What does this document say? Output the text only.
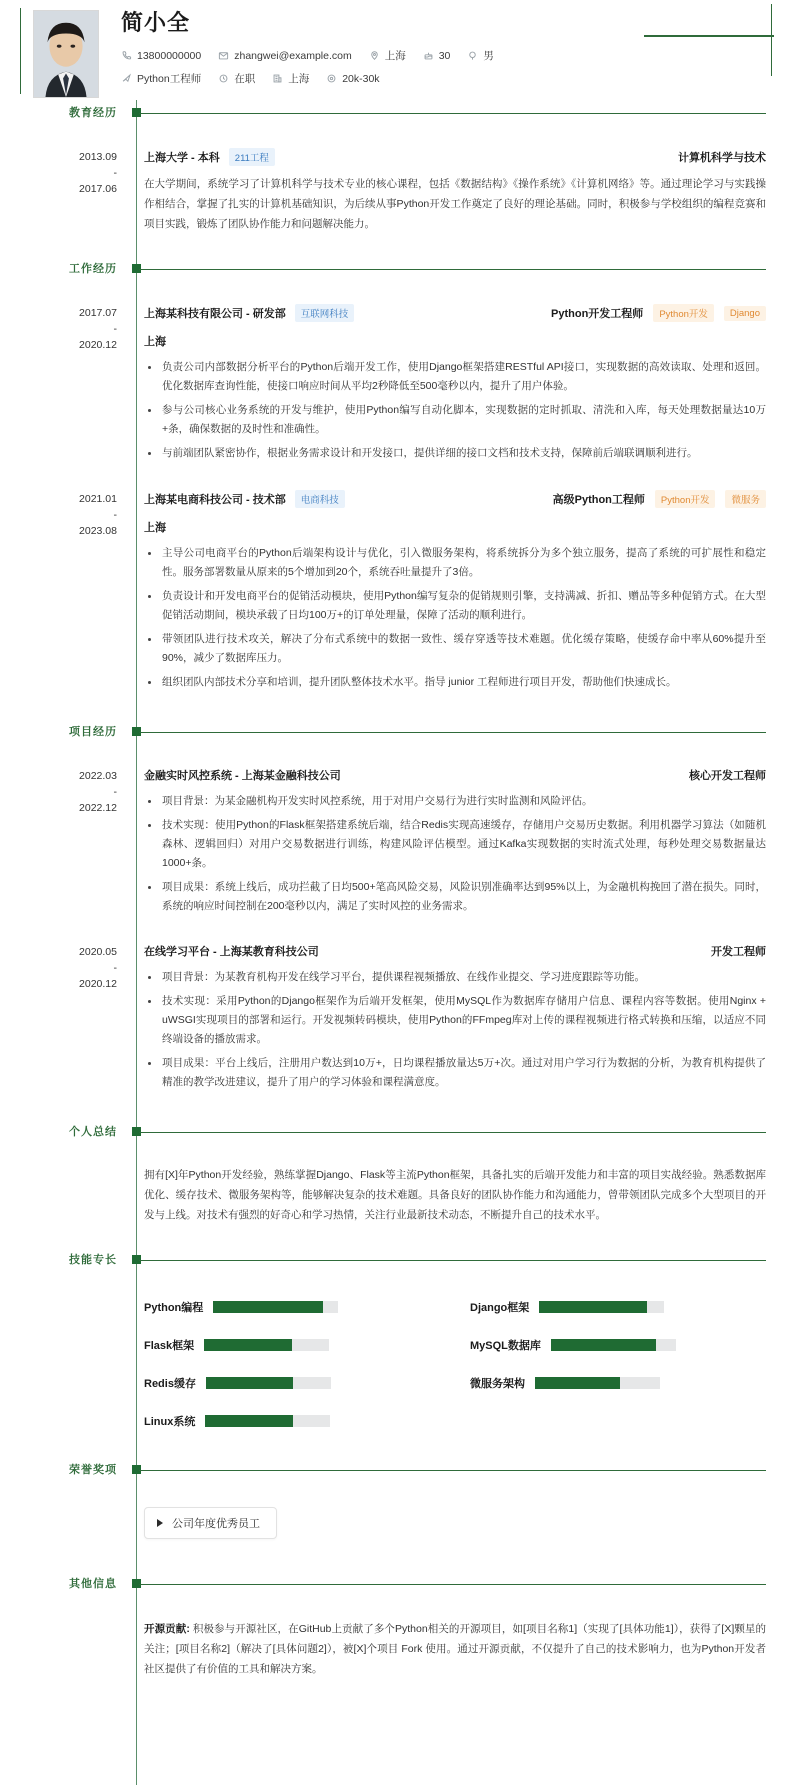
简小全
13800000000	zhangwei@example.com	上海	30	男
Python工程师	在职	上海	20k-30k
教育经历
2013.09
-
2017.06
上海大学 - 本科	211工程	计算机科学与技术

在大学期间，系统学习了计算机科学与技术专业的核心课程，包括《数据结构》《操作系统》《计算机网络》等。通过理论学习与实践操作相结合，掌握了扎实的计算机基础知识，为后续从事Python开发工作奠定了良好的理论基础。同时，积极参与学校组织的编程竞赛和项目实践，锻炼了团队协作能力和问题解决能力。

工作经历
2017.07
-
2020.12
上海某科技有限公司 - 研发部	互联网科技	Python开发工程师	Python开发	Django
上海
负责公司内部数据分析平台的Python后端开发工作，使用Django框架搭建RESTful API接口，实现数据的高效读取、处理和返回。优化数据库查询性能，使接口响应时间从平均2秒降低至500毫秒以内，提升了用户体验。
参与公司核心业务系统的开发与维护，使用Python编写自动化脚本，实现数据的定时抓取、清洗和入库，每天处理数据量达10万+条，确保数据的及时性和准确性。
与前端团队紧密协作，根据业务需求设计和开发接口，提供详细的接口文档和技术支持，保障前后端联调顺利进行。
2021.01
-
2023.08
上海某电商科技公司 - 技术部	电商科技	高级Python工程师	Python开发	微服务
上海
主导公司电商平台的Python后端架构设计与优化，引入微服务架构，将系统拆分为多个独立服务，提高了系统的可扩展性和稳定性。服务部署数量从原来的5个增加到20个，系统吞吐量提升了3倍。
负责设计和开发电商平台的促销活动模块，使用Python编写复杂的促销规则引擎，支持满减、折扣、赠品等多种促销方式。在大型促销活动期间，模块承载了日均100万+的订单处理量，保障了活动的顺利进行。
带领团队进行技术攻关，解决了分布式系统中的数据一致性、缓存穿透等技术难题。优化缓存策略，使缓存命中率从60%提升至90%，减少了数据库压力。
组织团队内部技术分享和培训，提升团队整体技术水平。指导 junior 工程师进行项目开发，帮助他们快速成长。
项目经历
2022.03
-
2022.12
金融实时风控系统 - 上海某金融科技公司	核心开发工程师
项目背景：为某金融机构开发实时风控系统，用于对用户交易行为进行实时监测和风险评估。
技术实现：使用Python的Flask框架搭建系统后端，结合Redis实现高速缓存，存储用户交易历史数据。利用机器学习算法（如随机森林、逻辑回归）对用户交易数据进行训练，构建风险评估模型。通过Kafka实现数据的实时流式处理，每秒处理交易数据量达1000+条。
项目成果：系统上线后，成功拦截了日均500+笔高风险交易，风险识别准确率达到95%以上，为金融机构挽回了潜在损失。同时，系统的响应时间控制在200毫秒以内，满足了实时风控的业务需求。
2020.05
-
2020.12
在线学习平台 - 上海某教育科技公司	开发工程师
项目背景：为某教育机构开发在线学习平台，提供课程视频播放、在线作业提交、学习进度跟踪等功能。
技术实现：采用Python的Django框架作为后端开发框架，使用MySQL作为数据库存储用户信息、课程内容等数据。使用Nginx + uWSGI实现项目的部署和运行。开发视频转码模块，使用Python的FFmpeg库对上传的课程视频进行格式转换和压缩，以适应不同终端设备的播放需求。
项目成果：平台上线后，注册用户数达到10万+，日均课程播放量达5万+次。通过对用户学习行为数据的分析，为教育机构提供了精准的教学改进建议，提升了用户的学习体验和课程满意度。
个人总结

拥有[X]年Python开发经验，熟练掌握Django、Flask等主流Python框架，具备扎实的后端开发能力和丰富的项目实战经验。熟悉数据库优化、缓存技术、微服务架构等，能够解决复杂的技术难题。具备良好的团队协作能力和沟通能力，曾带领团队完成多个大型项目的开发与上线。对技术有强烈的好奇心和学习热情，关注行业最新技术动态，不断提升自己的技术水平。

技能专长
Python编程	Django框架
Flask框架	MySQL数据库
Redis缓存	微服务架构
Linux系统
荣誉奖项
公司年度优秀员工
其他信息
开源贡献: 积极参与开源社区，在GitHub上贡献了多个Python相关的开源项目，如[项目名称1]（实现了[具体功能1]），获得了[X]颗星的关注；[项目名称2]（解决了[具体问题2]），被[X]个项目 Fork 使用。通过开源贡献，不仅提升了自己的技术影响力，也为Python开发者社区提供了有价值的工具和解决方案。
